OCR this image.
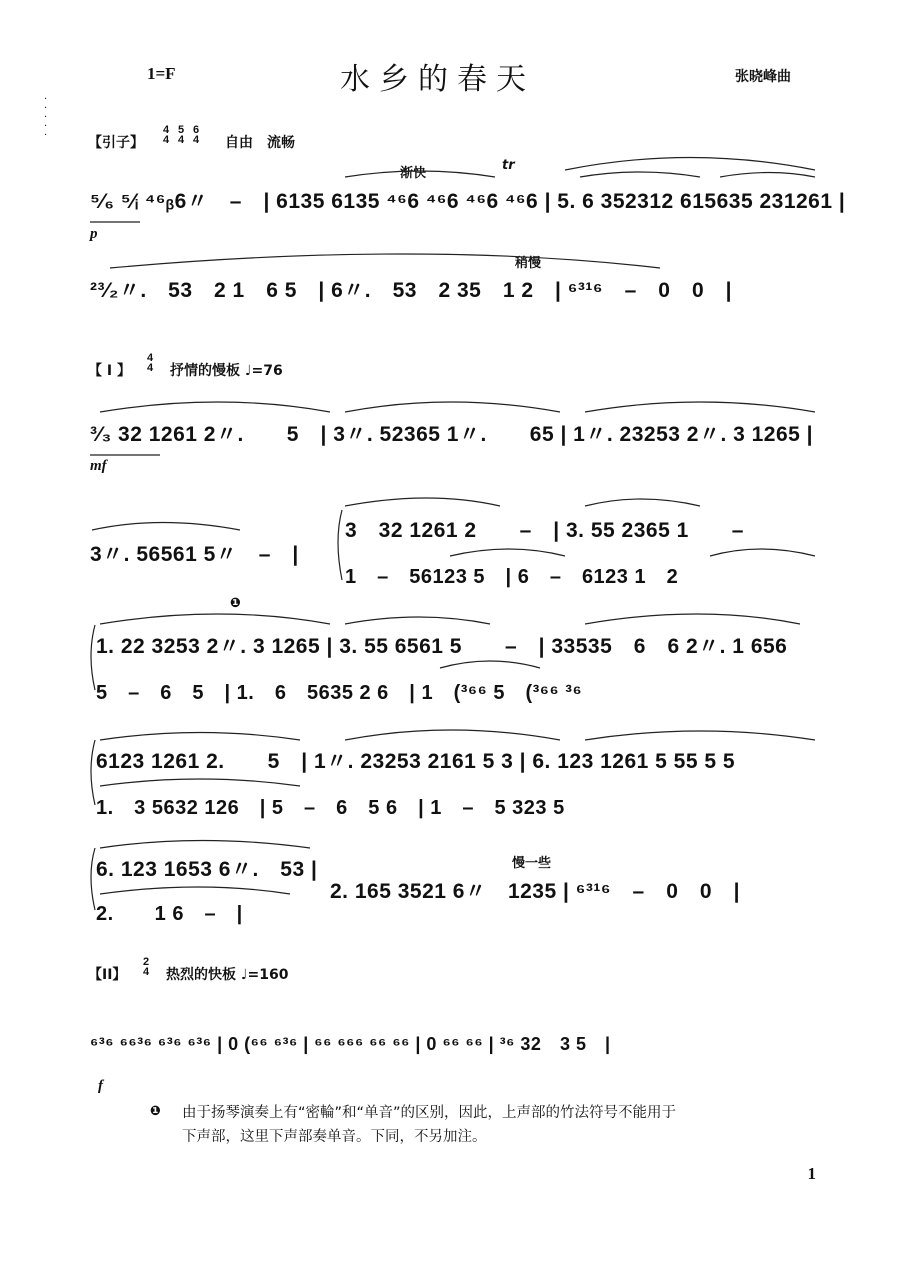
·
·
·
·
·
1=F	水乡的春天	张晓峰曲
【引子】
4
4
5
4
6
4 自由　流畅
渐快
tr
⁵⁄₆ ⁵⁄ᵢ ⁴⁶ᵦ6〃　–　| 6135 6135 ⁴⁶6 ⁴⁶6 ⁴⁶6 ⁴⁶6 | 5. 6 352312 615635 231261 |
p
稍慢
²³⁄₂〃.　53　2 1　6 5　| 6〃.　53　2 35　1 2　| ⁶³¹⁶　–　0　0　|
【 I 】
4
4 抒情的慢板 ♩=76
³⁄₃ 32 1261 2〃.　　5　| 3〃. 52365 1〃.　　65 | 1〃. 23253 2〃. 3 1265 |
mf
3〃. 56561 5〃　–　|
3　32 1261 2　　–　| 3. 55 2365 1　　–
1　–　56123 5　| 6　–　6123 1　2
❶
1. 22 3253 2〃. 3 1265 | 3. 55 6561 5　　–　| 33535　6　6 2〃. 1 656
5　–　6　5　| 1.　6　5635 2 6　| 1　(³⁶⁶ 5　(³⁶⁶ ³⁶
6123 1261 2.　　5　| 1〃. 23253 2161 5 3 | 6. 123 1261 5 55 5 5
1.　3 5632 126　| 5　–　6　5 6　| 1　–　5 323 5
慢一些
6. 123 1653 6〃.　53 |
2.　　1 6　–　|
2. 165 3521 6〃　1235 | ⁶³¹⁶　–　0　0　|
【II】
2
4 热烈的快板 ♩=160
⁶³⁶ ⁶⁶³⁶ ⁶³⁶ ⁶³⁶ | 0 (⁶⁶ ⁶³⁶ | ⁶⁶ ⁶⁶⁶ ⁶⁶ ⁶⁶ | 0 ⁶⁶ ⁶⁶ | ³⁶ 32　3 5　|
f
❶ 由于扬琴演奏上有“密輪”和“单音”的区别，因此，上声部的竹法符号不能用于
下声部，这里下声部奏单音。下同，不另加注。
1
